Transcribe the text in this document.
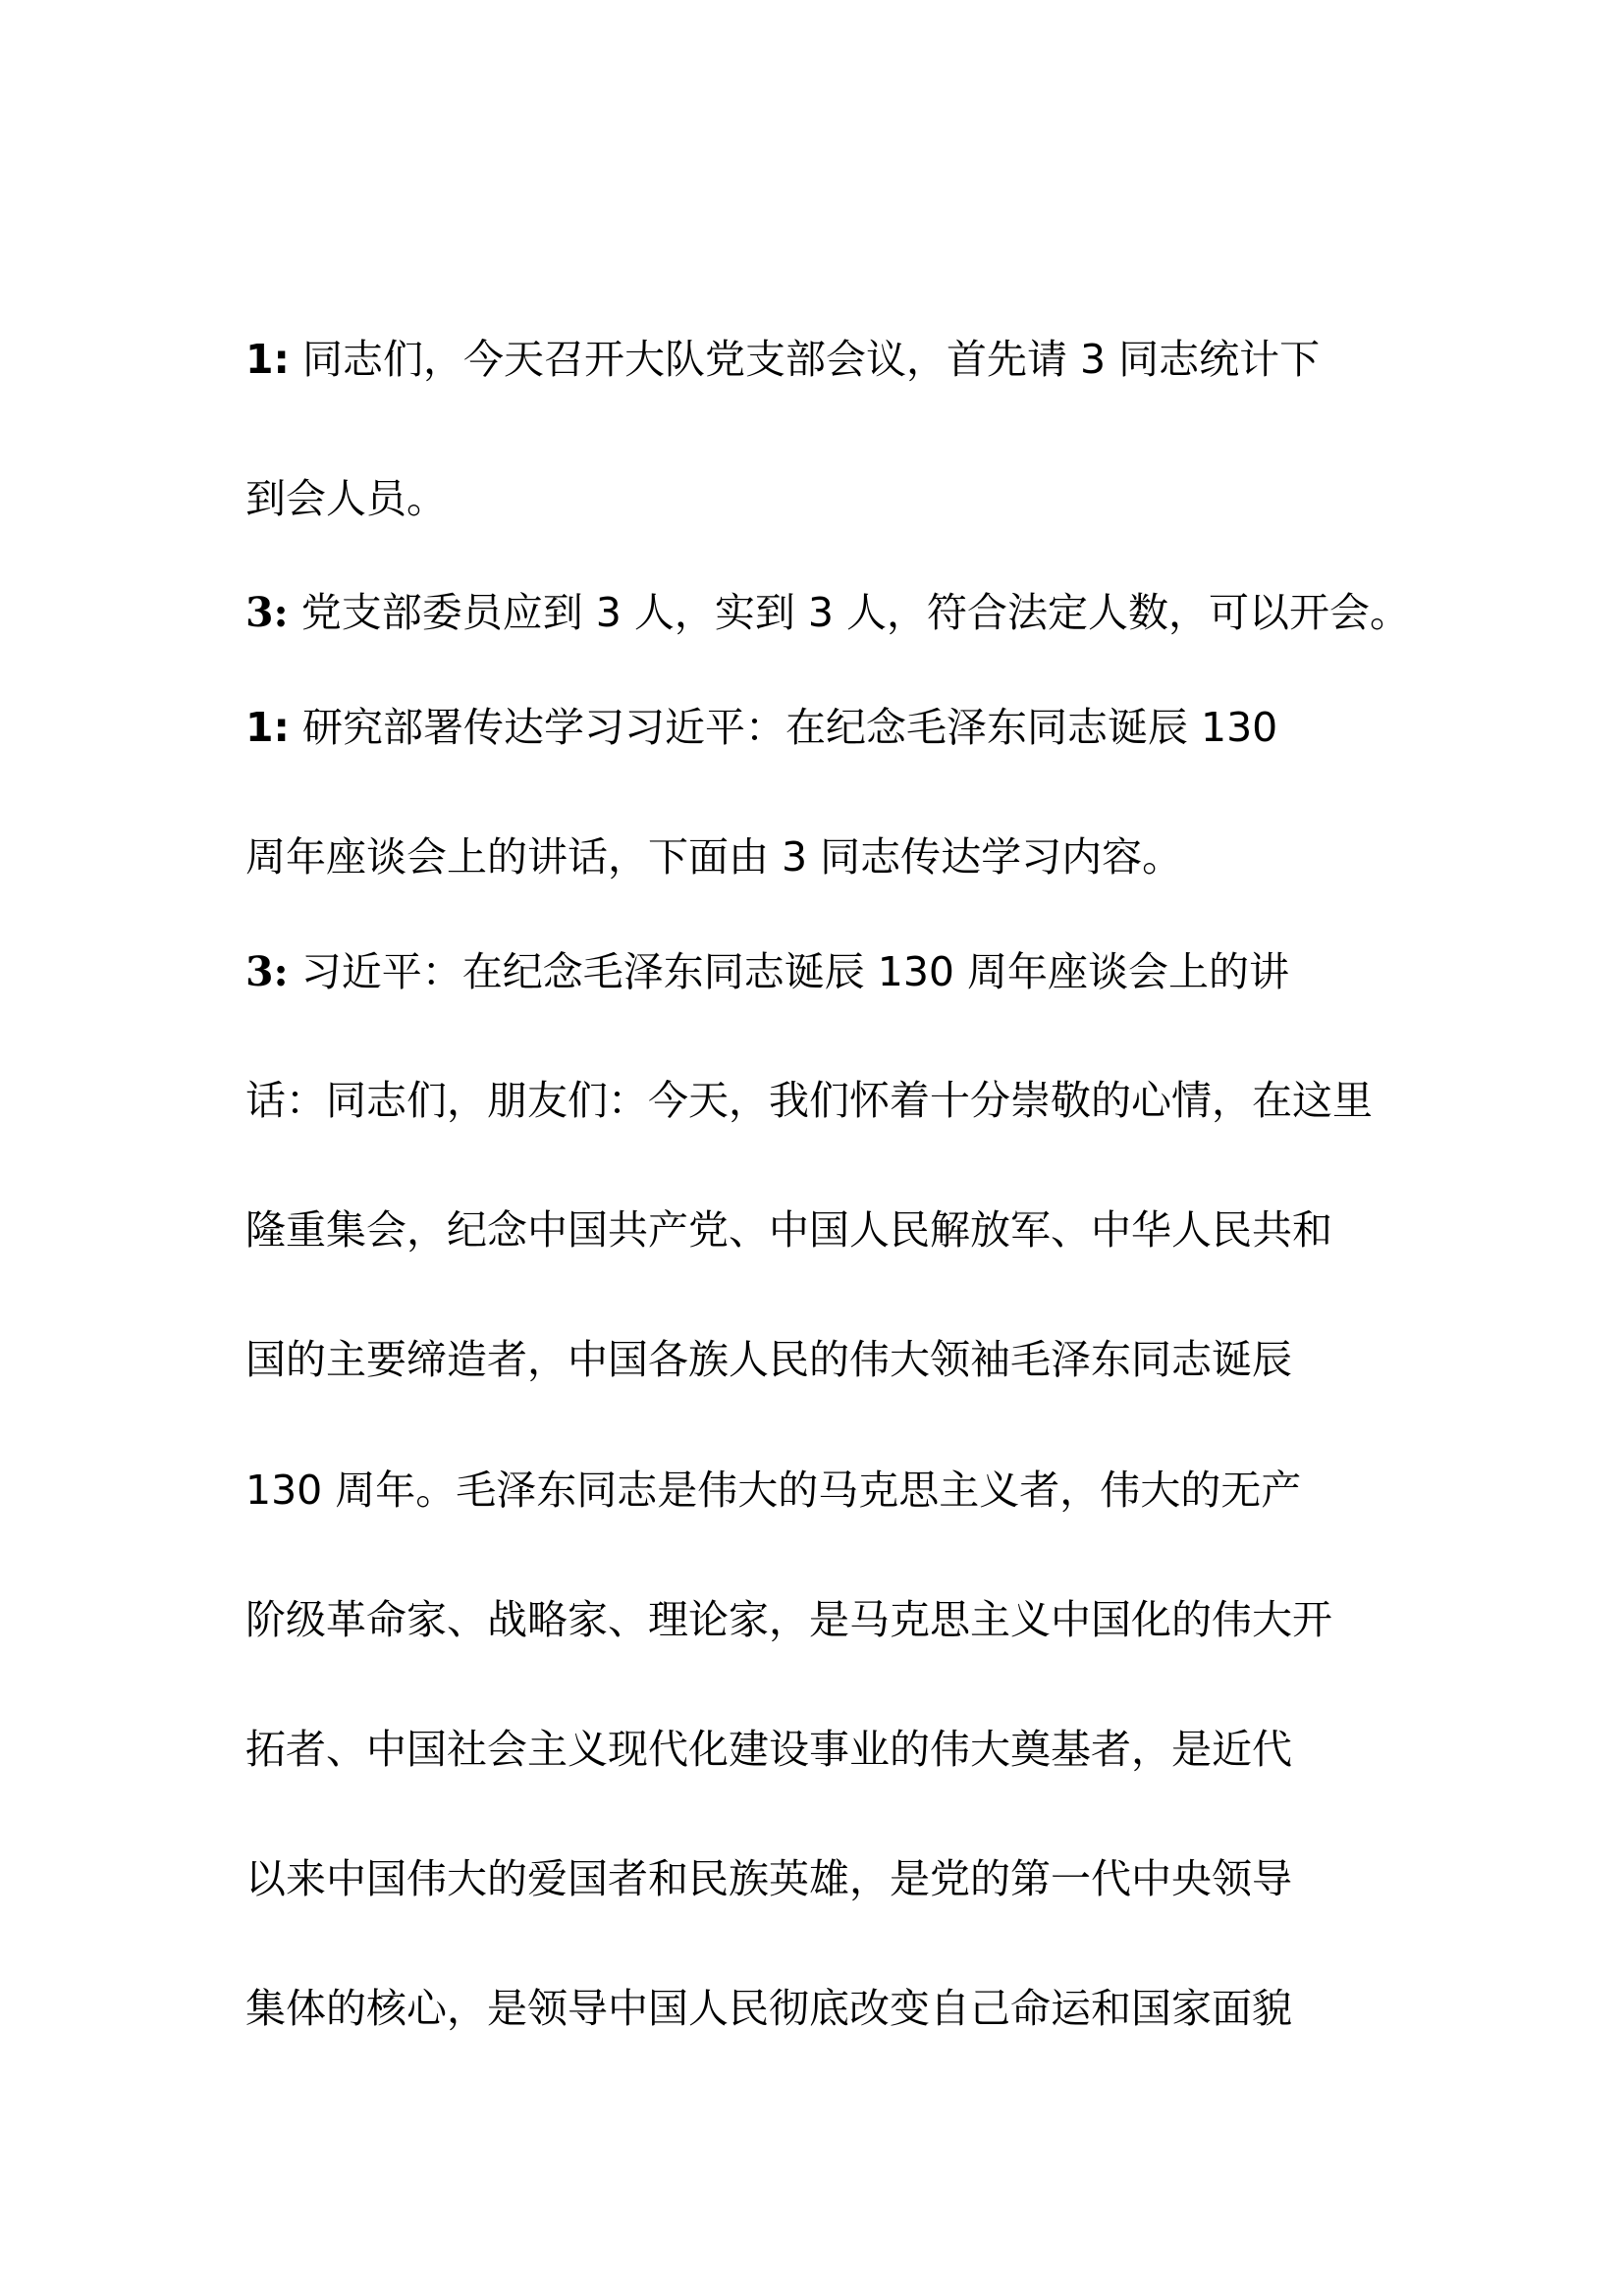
1: 同志们，今天召开大队党支部会议，首先请 3 同志统计下
到会人员。
3: 党支部委员应到 3 人，实到 3 人，符合法定人数，可以开会。
1: 研究部署传达学习习近平：在纪念毛泽东同志诞辰 130
周年座谈会上的讲话，下面由 3 同志传达学习内容。
3: 习近平：在纪念毛泽东同志诞辰 130 周年座谈会上的讲
话：同志们，朋友们：今天，我们怀着十分崇敬的心情，在这里
隆重集会，纪念中国共产党、中国人民解放军、中华人民共和
国的主要缔造者，中国各族人民的伟大领袖毛泽东同志诞辰
130 周年。毛泽东同志是伟大的马克思主义者，伟大的无产
阶级革命家、战略家、理论家，是马克思主义中国化的伟大开
拓者、中国社会主义现代化建设事业的伟大奠基者，是近代
以来中国伟大的爱国者和民族英雄，是党的第一代中央领导
集体的核心，是领导中国人民彻底改变自己命运和国家面貌
